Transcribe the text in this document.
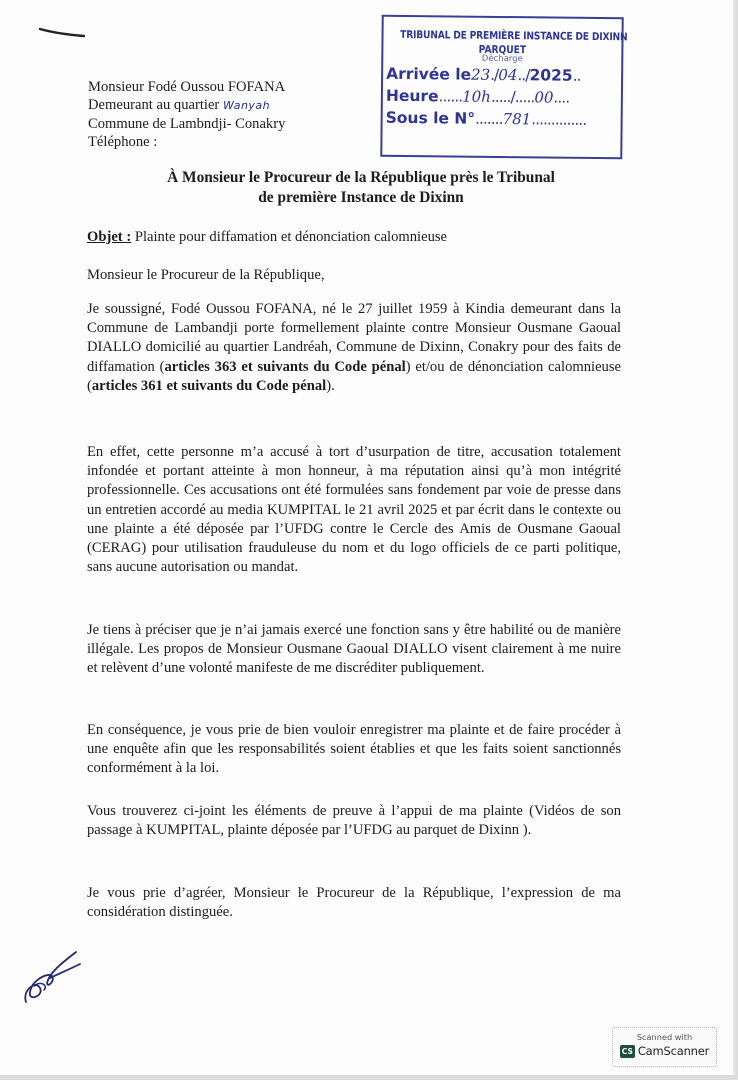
Monsieur Fodé Oussou FOFANA
Demeurant au quartier Wanyah
Commune de Lambndji- Conakry
Téléphone :
TRIBUNAL DE PREMIÈRE INSTANCE DE DIXINN
PARQUET
Décharge
Arrivée le23./04../2025..
Heure......10h...../.....00....
Sous le N°.......781..............
À Monsieur le Procureur de la République près le Tribunal
de première Instance de Dixinn
Objet : Plainte pour diffamation et dénonciation calomnieuse
Monsieur le Procureur de la République,
Je soussigné, Fodé Oussou FOFANA, né le 27 juillet 1959 à Kindia demeurant dans la Commune de Lambandji porte formellement plainte contre Monsieur Ousmane Gaoual DIALLO domicilié au quartier Landréah, Commune de Dixinn, Conakry pour des faits de diffamation (articles 363 et suivants du Code pénal) et/ou de dénonciation calomnieuse (articles 361 et suivants du Code pénal).
En effet, cette personne m’a accusé à tort d’usurpation de titre, accusation totalement infondée et portant atteinte à mon honneur, à ma réputation ainsi qu’à mon intégrité professionnelle. Ces accusations ont été formulées sans fondement par voie de presse dans un entretien accordé au media KUMPITAL le 21 avril 2025 et par écrit dans le contexte ou une plainte a été déposée par l’UFDG contre le Cercle des Amis de Ousmane Gaoual (CERAG) pour utilisation frauduleuse du nom et du logo officiels de ce parti politique, sans aucune autorisation ou mandat.
Je tiens à préciser que je n’ai jamais exercé une fonction sans y être habilité ou de manière illégale. Les propos de Monsieur Ousmane Gaoual DIALLO visent clairement à me nuire et relèvent d’une volonté manifeste de me discréditer publiquement.
En conséquence, je vous prie de bien vouloir enregistrer ma plainte et de faire procéder à une enquête afin que les responsabilités soient établies et que les faits soient sanctionnés conformément à la loi.
Vous trouverez ci-joint les éléments de preuve à l’appui de ma plainte (Vidéos de son passage à KUMPITAL, plainte déposée par l’UFDG au parquet de Dixinn ).
Je vous prie d’agréer, Monsieur le Procureur de la République, l’expression de ma considération distinguée.
Scanned with
CS CamScanner
